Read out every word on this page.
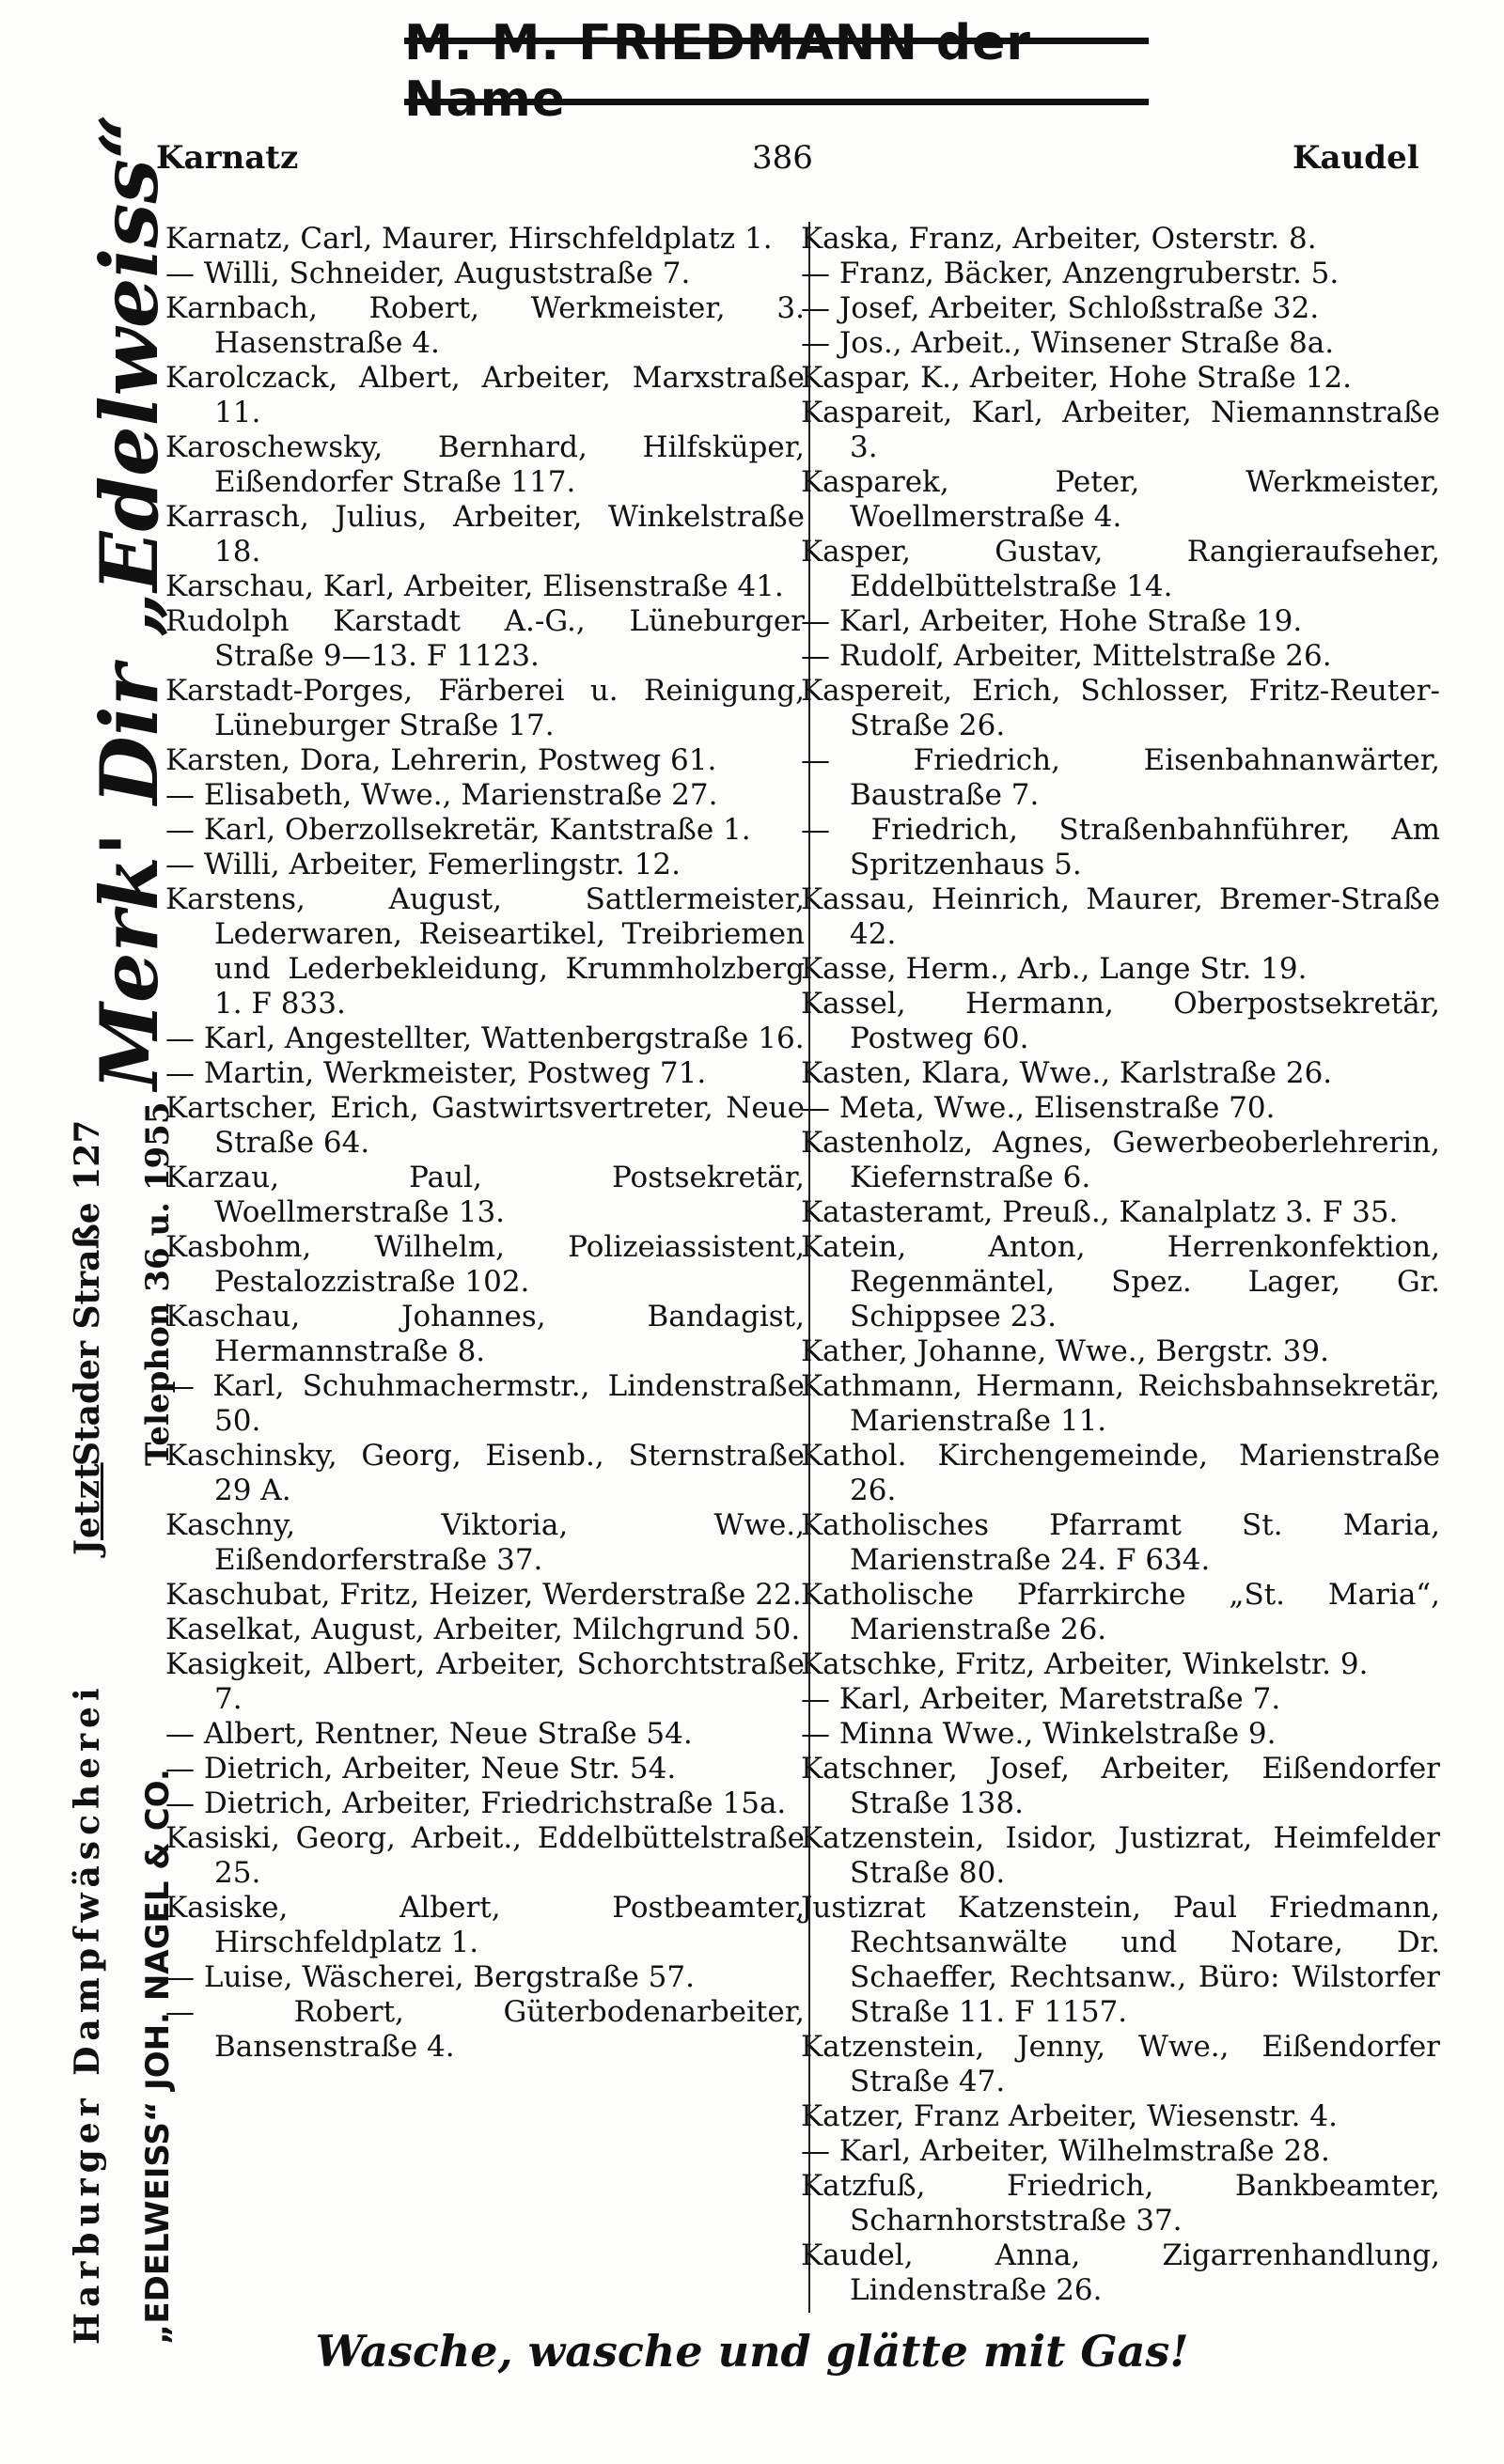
M. M. FRIEDMANN der Name
Karnatz	386	Kaudel
Merk' Dir „Edelweiss“
Harburger Dampfwäscherei
Jetzt
Stader Straße 127
„EDELWEISS“ JOH. NAGEL & CO.
Telephon 36 u. 1955

Karnatz, Carl, Maurer, Hirschfeldplatz 1.

— Willi, Schneider, Auguststraße 7.

Karnbach, Robert, Werkmeister, 3. Hasenstraße 4.

Karolczack, Albert, Arbeiter, Marxstraße 11.

Karoschewsky, Bernhard, Hilfsküper, Eißendorfer Straße 117.

Karrasch, Julius, Arbeiter, Winkelstraße 18.

Karschau, Karl, Arbeiter, Elisenstraße 41.

Rudolph Karstadt A.-G., Lüneburger Straße 9—13. F 1123.

Karstadt-Porges, Färberei u. Reinigung, Lüneburger Straße 17.

Karsten, Dora, Lehrerin, Postweg 61.

— Elisabeth, Wwe., Marienstraße 27.

— Karl, Oberzollsekretär, Kantstraße 1.

— Willi, Arbeiter, Femerlingstr. 12.

Karstens, August, Sattlermeister, Lederwaren, Reiseartikel, Treibriemen und Lederbekleidung, Krummholzberg 1. F 833.

— Karl, Angestellter, Wattenbergstraße 16.

— Martin, Werkmeister, Postweg 71.

Kartscher, Erich, Gastwirtsvertreter, Neue Straße 64.

Karzau, Paul, Postsekretär, Woellmerstraße 13.

Kasbohm, Wilhelm, Polizeiassistent, Pestalozzistraße 102.

Kaschau, Johannes, Bandagist, Hermannstraße 8.

— Karl, Schuhmachermstr., Lindenstraße 50.

Kaschinsky, Georg, Eisenb., Sternstraße 29 A.

Kaschny, Viktoria, Wwe., Eißendorferstraße 37.

Kaschubat, Fritz, Heizer, Werderstraße 22.

Kaselkat, August, Arbeiter, Milchgrund 50.

Kasigkeit, Albert, Arbeiter, Schorchtstraße 7.

— Albert, Rentner, Neue Straße 54.

— Dietrich, Arbeiter, Neue Str. 54.

— Dietrich, Arbeiter, Friedrichstraße 15a.

Kasiski, Georg, Arbeit., Eddelbüttelstraße 25.

Kasiske, Albert, Postbeamter, Hirschfeldplatz 1.

— Luise, Wäscherei, Bergstraße 57.

— Robert, Güterbodenarbeiter, Bansenstraße 4.

Kaska, Franz, Arbeiter, Osterstr. 8.

— Franz, Bäcker, Anzengruberstr. 5.

— Josef, Arbeiter, Schloßstraße 32.

— Jos., Arbeit., Winsener Straße 8a.

Kaspar, K., Arbeiter, Hohe Straße 12.

Kaspareit, Karl, Arbeiter, Niemannstraße 3.

Kasparek, Peter, Werkmeister, Woellmerstraße 4.

Kasper, Gustav, Rangieraufseher, Eddelbüttelstraße 14.

— Karl, Arbeiter, Hohe Straße 19.

— Rudolf, Arbeiter, Mittelstraße 26.

Kaspereit, Erich, Schlosser, Fritz-Reuter-Straße 26.

— Friedrich, Eisenbahnanwärter, Baustraße 7.

— Friedrich, Straßenbahnführer, Am Spritzenhaus 5.

Kassau, Heinrich, Maurer, Bremer-Straße 42.

Kasse, Herm., Arb., Lange Str. 19.

Kassel, Hermann, Oberpostsekretär, Postweg 60.

Kasten, Klara, Wwe., Karlstraße 26.

— Meta, Wwe., Elisenstraße 70.

Kastenholz, Agnes, Gewerbeoberlehrerin, Kiefernstraße 6.

Katasteramt, Preuß., Kanalplatz 3. F 35.

Katein, Anton, Herrenkonfektion, Regenmäntel, Spez. Lager, Gr. Schippsee 23.

Kather, Johanne, Wwe., Bergstr. 39.

Kathmann, Hermann, Reichsbahnsekretär, Marienstraße 11.

Kathol. Kirchengemeinde, Marienstraße 26.

Katholisches Pfarramt St. Maria, Marienstraße 24. F 634.

Katholische Pfarrkirche „St. Maria“, Marienstraße 26.

Katschke, Fritz, Arbeiter, Winkelstr. 9.

— Karl, Arbeiter, Maretstraße 7.

— Minna Wwe., Winkelstraße 9.

Katschner, Josef, Arbeiter, Eißendorfer Straße 138.

Katzenstein, Isidor, Justizrat, Heimfelder Straße 80.

Justizrat Katzenstein, Paul Friedmann, Rechtsanwälte und Notare, Dr. Schaeffer, Rechtsanw., Büro: Wilstorfer Straße 11. F 1157.

Katzenstein, Jenny, Wwe., Eißendorfer Straße 47.

Katzer, Franz Arbeiter, Wiesenstr. 4.

— Karl, Arbeiter, Wilhelmstraße 28.

Katzfuß, Friedrich, Bankbeamter, Scharnhorststraße 37.

Kaudel, Anna, Zigarrenhandlung, Lindenstraße 26.

Wasche, wasche und glätte mit Gas!
